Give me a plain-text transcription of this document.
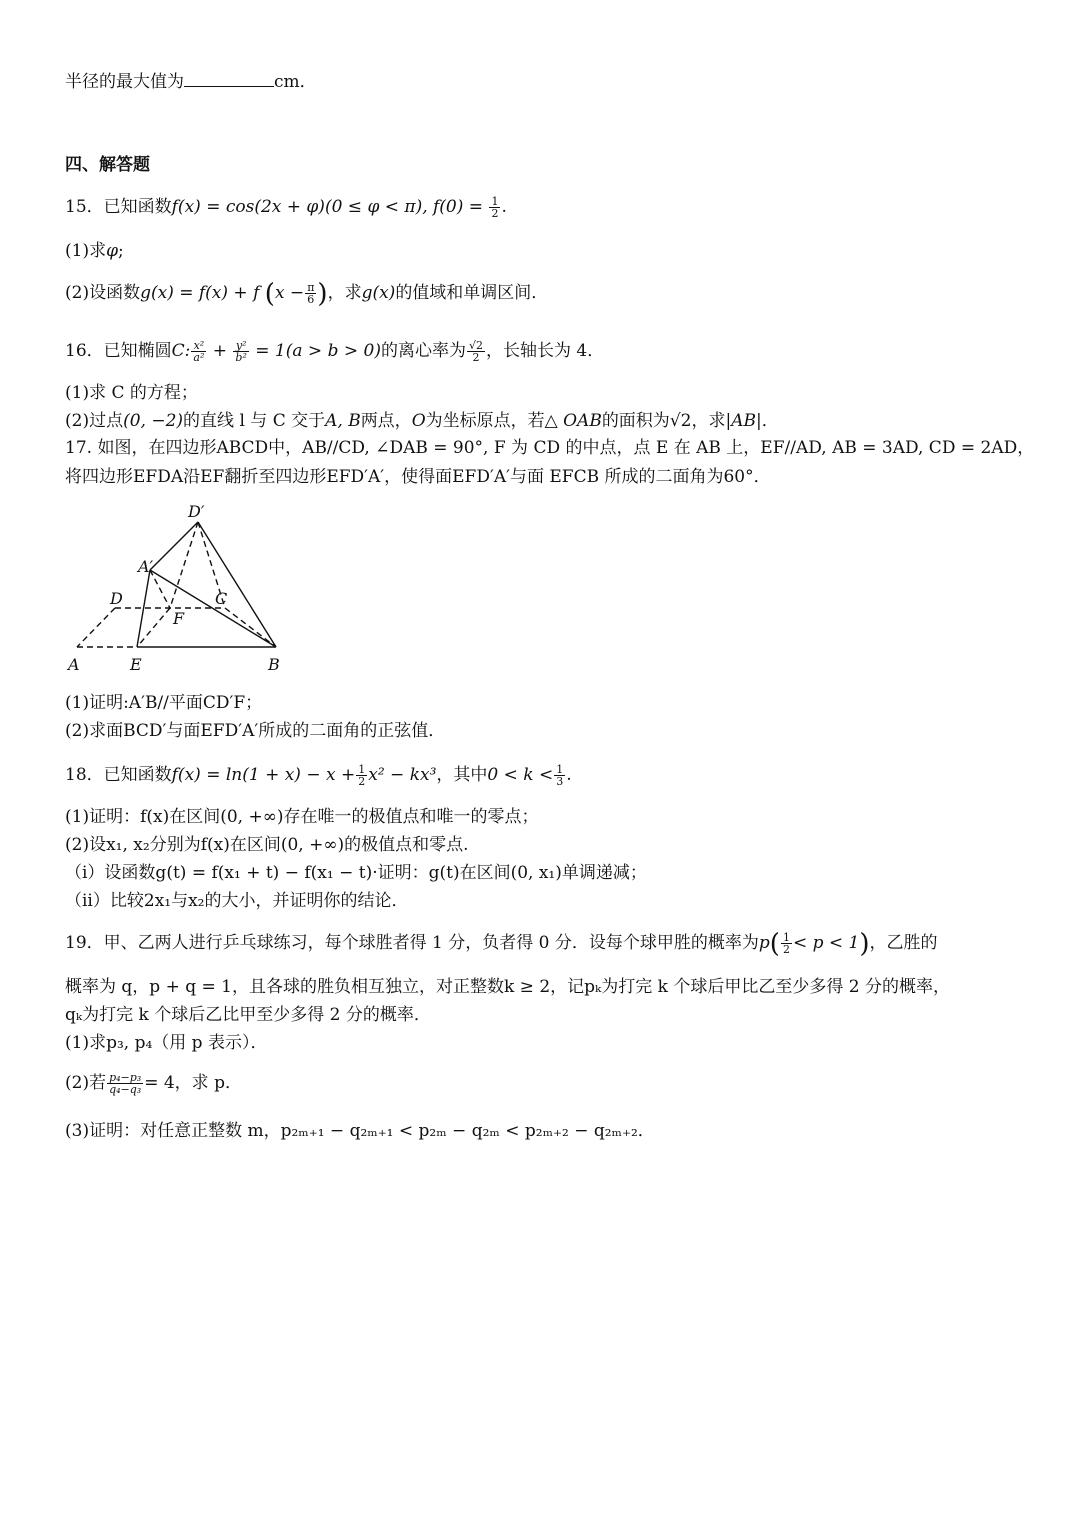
半径的最大值为	cm．
四、解答题
15．已知函数f(x) = cos(2x + φ)(0 ≤ φ < π), $f(0) = \frac{1}{2}$ .
(1)求φ;
(2)设函数g(x) = f(x) + f ($x - \frac{\pi}{6}$ )，求g(x)的值域和单调区间．
16．已知椭圆C: $\frac{\text{x²}}{\text{a²}} + \frac{\text{y²}}{\text{b²}} = 1(a > b > 0)$的离心率为 $\frac{√2}{2}$ ，长轴长为 4．
(1)求 C 的方程；
(2)过点(0, −2)的直线 l 与 C 交于A, B两点，O为坐标原点，若△ OAB的面积为√2，求|AB|．
17. 如图，在四边形ABCD中，AB//CD, ∠DAB = 90°, F 为 CD 的中点，点 E 在 AB 上，EF//AD, AB = 3AD, CD = 2AD，
将四边形EFDA沿EF翻折至四边形EFD′A′，使得面EFD′A′与面 EFCB 所成的二面角为60°．
D′
A′
D	C
F
A	E	B
(1)证明:A′B//平面CD′F；
(2)求面BCD′与面EFD′A′所成的二面角的正弦值．
18．已知函数$f(x) = \ln(1 + x) - x + \frac{1}{2} x^2 - kx^3$，其中$0 < k < \frac{1}{3}$ .
(1)证明：f(x)在区间(0, +∞)存在唯一的极值点和唯一的零点；
(2)设x₁, x₂分别为f(x)在区间(0, +∞)的极值点和零点.
（i）设函数g(t) = f(x₁ + t) − f(x₁ − t)·证明：g(t)在区间(0, x₁)单调递减；
（ii）比较2x₁与x₂的大小，并证明你的结论．
19．甲、乙两人进行乒乓球练习，每个球胜者得 1 分，负者得 0 分．设每个球甲胜的概率为$p( \frac{1}{2} < p < 1)$，乙胜的
概率为 q，p + q = 1，且各球的胜负相互独立，对正整数k ≥ 2，记pₖ为打完 k 个球后甲比乙至少多得 2 分的概率，
qₖ为打完 k 个球后乙比甲至少多得 2 分的概率．
(1)求p₃, p₄（用 p 表示）．
(2)若 $\frac{\text{p₄−p₃}}{\text{q₄−q₃}} = 4$，求 p．
(3)证明：对任意正整数 m，p₂ₘ₊₁ − q₂ₘ₊₁ < p₂ₘ − q₂ₘ < p₂ₘ₊₂ − q₂ₘ₊₂．
